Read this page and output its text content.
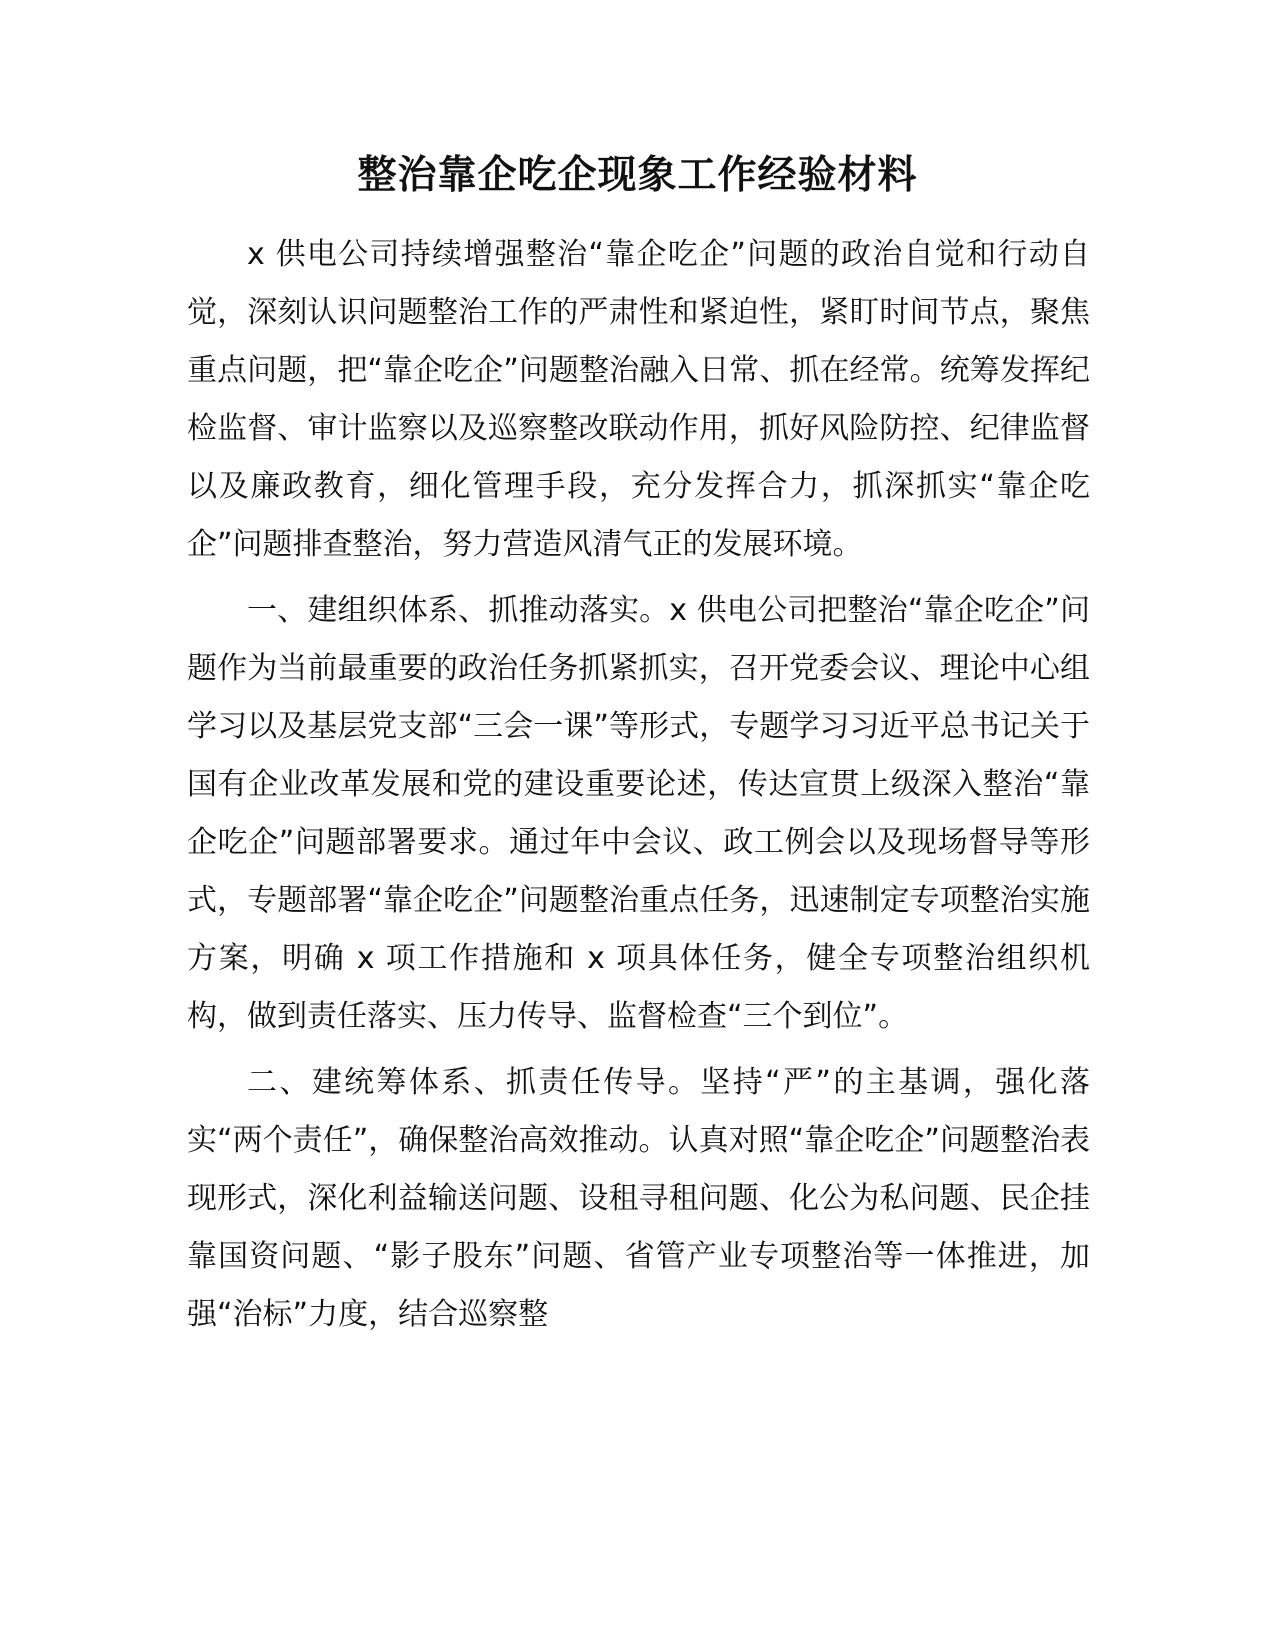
整治靠企吃企现象工作经验材料

x 供电公司持续增强整治“靠企吃企”问题的政治自觉和行动自觉，深刻认识问题整治工作的严肃性和紧迫性，紧盯时间节点，聚焦重点问题，把“靠企吃企”问题整治融入日常、抓在经常。统筹发挥纪检监督、审计监察以及巡察整改联动作用，抓好风险防控、纪律监督以及廉政教育，细化管理手段，充分发挥合力，抓深抓实“靠企吃企”问题排查整治，努力营造风清气正的发展环境。

一、建组织体系、抓推动落实。x 供电公司把整治“靠企吃企”问题作为当前最重要的政治任务抓紧抓实，召开党委会议、理论中心组学习以及基层党支部“三会一课”等形式，专题学习习近平总书记关于国有企业改革发展和党的建设重要论述，传达宣贯上级深入整治“靠企吃企”问题部署要求。通过年中会议、政工例会以及现场督导等形式，专题部署“靠企吃企”问题整治重点任务，迅速制定专项整治实施方案，明确 x 项工作措施和 x 项具体任务，健全专项整治组织机构，做到责任落实、压力传导、监督检查“三个到位”。

二、建统筹体系、抓责任传导。坚持“严”的主基调，强化落实“两个责任”，确保整治高效推动。认真对照“靠企吃企”问题整治表现形式，深化利益输送问题、设租寻租问题、化公为私问题、民企挂靠国资问题、“影子股东”问题、省管产业专项整治等一体推进，加强“治标”力度，结合巡察整
